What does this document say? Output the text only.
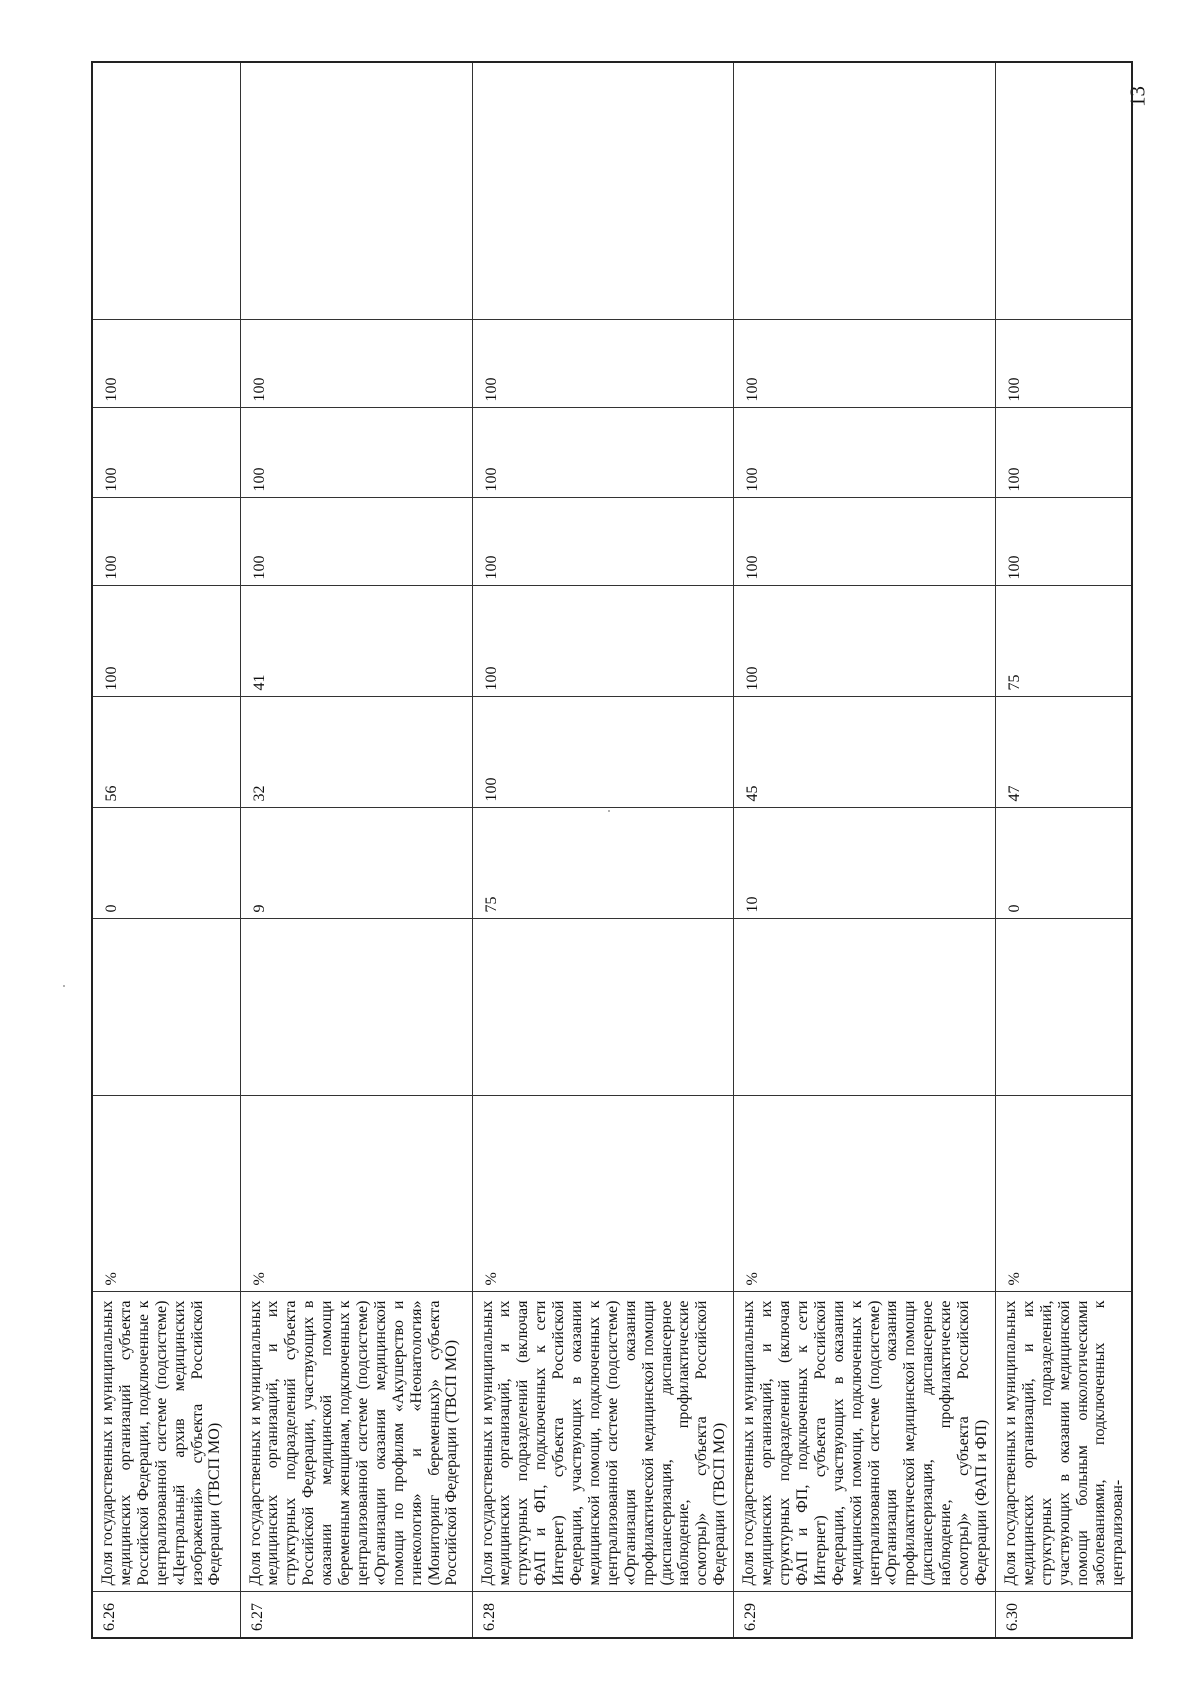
13
6.26	Доля государственных и муниципальных медицинских организаций субъекта Российской Федерации, подключенные к централизованной системе (подсистеме) «Центральный архив медицинских изображений» субъекта Российской Федерации (ТВСП МО)	%		0	56	100	100	100	100	
6.27	Доля государственных и муниципальных медицинских организаций, и их структурных подразделений субъекта Российской Федерации, участвующих в оказании медицинской помощи беременным женщинам, подключенных к централизованной системе (подсистеме) «Организации оказания медицинской помощи по профилям «Акушерство и гинекология» и «Неонатология» (Мониторинг беременных)» субъекта Российской Федерации (ТВСП МО)	%		9	32	41	100	100	100	
6.28	Доля государственных и муниципальных медицинских организаций, и их структурных подразделений (включая ФАП и ФП, подключенных к сети Интернет) субъекта Российской Федерации, участвующих в оказании медицинской помощи, подключенных к централизованной системе (подсистеме) «Организация оказания профилактической медицинской помощи (диспансеризация, диспансерное наблюдение, профилактические осмотры)» субъекта Российской Федерации (ТВСП МО)	%		75	100	100	100	100	100	
6.29	Доля государственных и муниципальных медицинских организаций, и их структурных подразделений (включая ФАП и ФП, подключенных к сети Интернет) субъекта Российской Федерации, участвующих в оказании медицинской помощи, подключенных к централизованной системе (подсистеме) «Организация оказания профилактической медицинской помощи (диспансеризация, диспансерное наблюдение, профилактические осмотры)» субъекта Российской Федерации (ФАП и ФП)	%		10	45	100	100	100	100	
6.30	Доля государственных и муниципальных медицинских организаций, и их структурных подразделений, участвующих в оказании медицинской помощи больным онкологическими заболеваниями, подключенных к централизован-	%		0	47	75	100	100	100	
